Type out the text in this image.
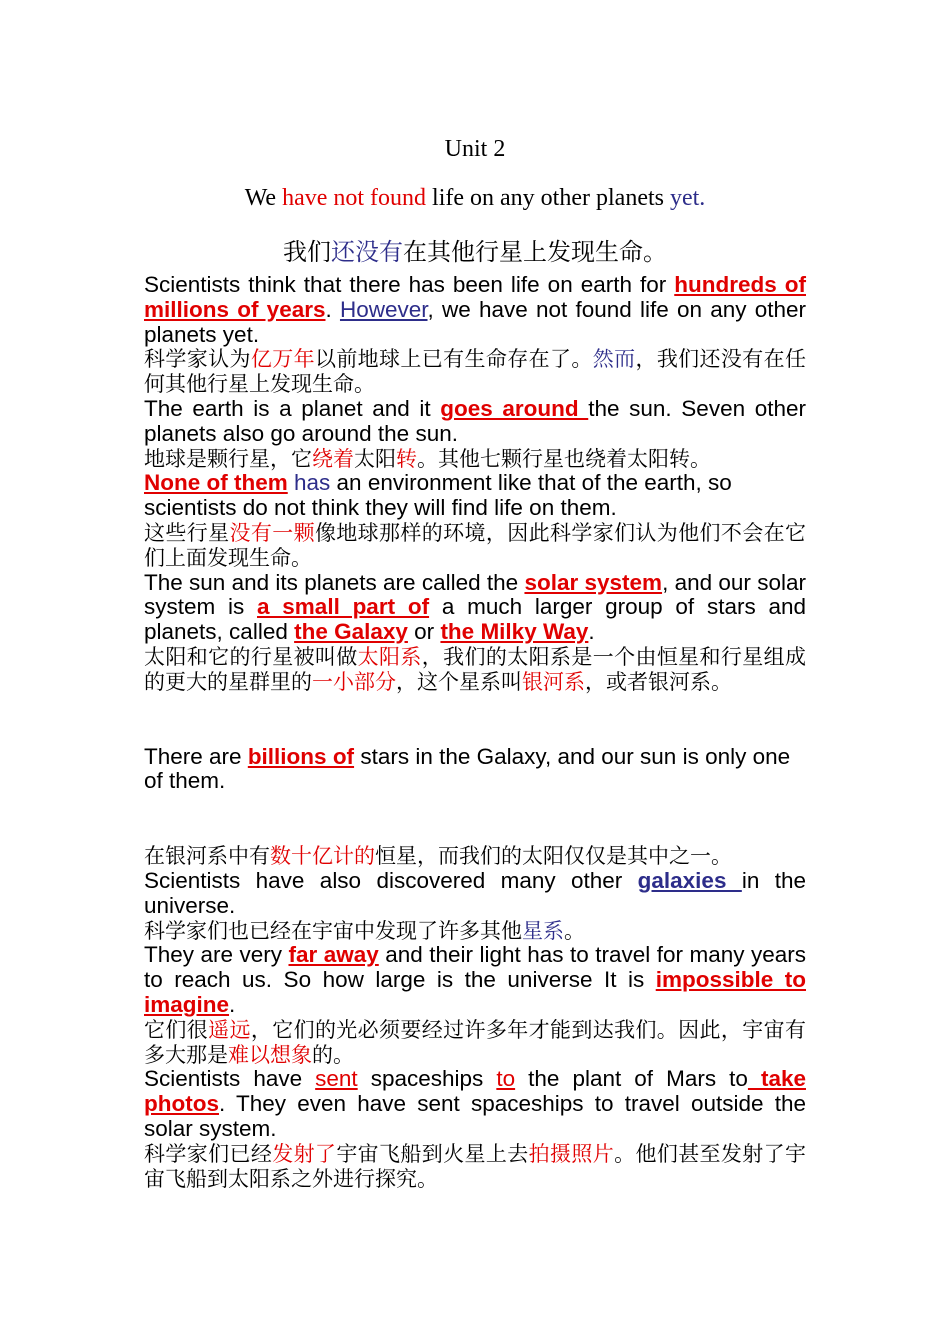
Unit 2
We have not found life on any other planets yet.
我们还没有在其他行星上发现生命。

Scientists think that there has been life on earth for hundreds of millions of years. However, we have not found life on any other planets yet.

科学家认为亿万年以前地球上已有生命存在了。然而，我们还没有在任何其他行星上发现生命。

The earth is a planet and it goes around the sun. Seven other planets also go around the sun.

地球是颗行星，它绕着太阳转。其他七颗行星也绕着太阳转。

None of them has an environment like that of the earth, so scientists do not think they will find life on them.

这些行星没有一颗像地球那样的环境，因此科学家们认为他们不会在它们上面发现生命。

The sun and its planets are called the solar system, and our solar system is a small part of a much larger group of stars and planets, called the Galaxy or the Milky Way.

太阳和它的行星被叫做太阳系，我们的太阳系是一个由恒星和行星组成的更大的星群里的一小部分，这个星系叫银河系，或者银河系。

There are billions of stars in the Galaxy, and our sun is only one of them.

在银河系中有数十亿计的恒星，而我们的太阳仅仅是其中之一。

Scientists have also discovered many other galaxies in the universe.

科学家们也已经在宇宙中发现了许多其他星系。

They are very far away and their light has to travel for many years to reach us. So how large is the universe It is impossible to imagine.

它们很遥远，它们的光必须要经过许多年才能到达我们。因此，宇宙有多大那是难以想象的。

Scientists have sent spaceships to the plant of Mars to take photos. They even have sent spaceships to travel outside the solar system.

科学家们已经发射了宇宙飞船到火星上去拍摄照片。他们甚至发射了宇宙飞船到太阳系之外进行探究。
